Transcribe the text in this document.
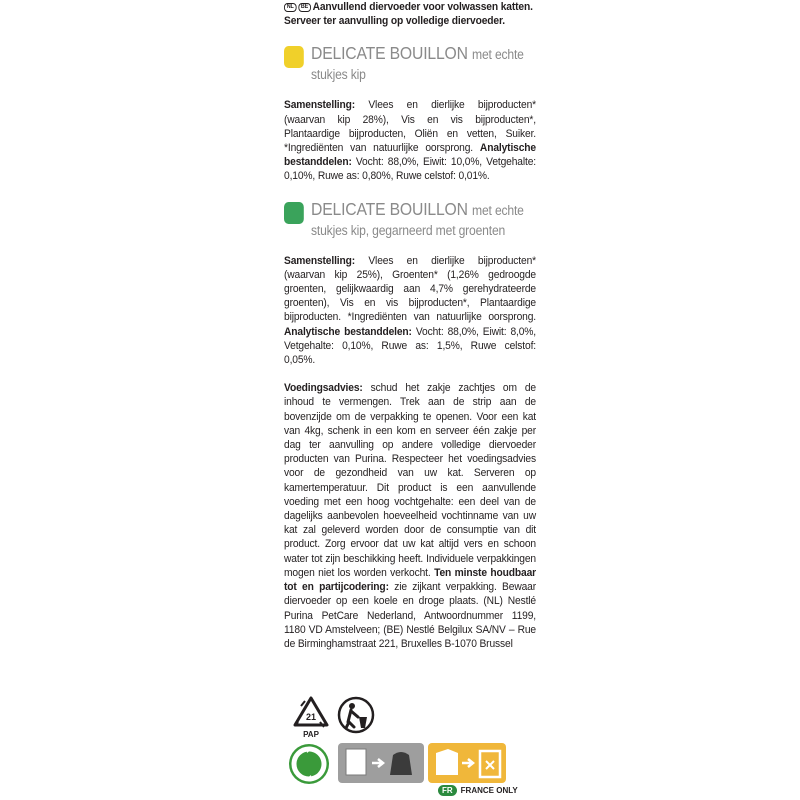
NL BE Aanvullend diervoeder voor volwassen katten.
Serveer ter aanvulling op volledige diervoeder.
DELICATE BOUILLON met echte stukjes kip
Samenstelling: Vlees en dierlijke bijproducten* (waarvan kip 28%), Vis en vis bijproducten*, Plantaardige bijproducten, Oliën en vetten, Suiker. *Ingrediënten van natuurlijke oorsprong. Analytische bestanddelen: Vocht: 88,0%, Eiwit: 10,0%, Vetgehalte: 0,10%, Ruwe as: 0,80%, Ruwe celstof: 0,01%.
DELICATE BOUILLON met echte stukjes kip, gegarneerd met groenten
Samenstelling: Vlees en dierlijke bijproducten* (waarvan kip 25%), Groenten* (1,26% gedroogde groenten, gelijkwaardig aan 4,7% gerehydrateerde groenten), Vis en vis bijproducten*, Plantaardige bijproducten. *Ingrediënten van natuurlijke oorsprong. Analytische bestanddelen: Vocht: 88,0%, Eiwit: 8,0%, Vetgehalte: 0,10%, Ruwe as: 1,5%, Ruwe celstof: 0,05%.
Voedingsadvies: schud het zakje zachtjes om de inhoud te vermengen. Trek aan de strip aan de bovenzijde om de verpakking te openen. Voor een kat van 4kg, schenk in een kom en serveer één zakje per dag ter aanvulling op andere volledige diervoeder producten van Purina. Respecteer het voedingsadvies voor de gezondheid van uw kat. Serveren op kamertemperatuur. Dit product is een aanvullende voeding met een hoog vochtgehalte: een deel van de dagelijks aanbevolen hoeveelheid vochtinname van uw kat zal geleverd worden door de consumptie van dit product. Zorg ervoor dat uw kat altijd vers en schoon water tot zijn beschikking heeft. Individuele verpakkingen mogen niet los worden verkocht. Ten minste houdbaar tot en partijcodering: zie zijkant verpakking. Bewaar diervoeder op een koele en droge plaats. (NL) Nestlé Purina PetCare Nederland, Antwoordnummer 1199, 1180 VD Amstelveen; (BE) Nestlé Belgilux SA/NV – Rue de Birminghamstraat 221, Bruxelles B-1070 Brussel
21
PAP
FR	FRANCE ONLY
